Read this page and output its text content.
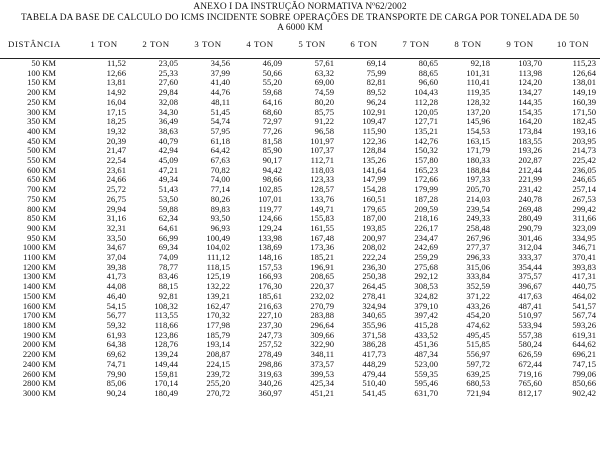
ANEXO I DA INSTRUÇÃO NORMATIVA Nº62/2002
TABELA DA BASE DE CALCULO DO ICMS INCIDENTE SOBRE OPERAÇÕES DE TRANSPORTE DE CARGA POR TONELADA DE 50
A 6000 KM
DISTÂNCIA	1 TON	2 TON	3 TON	4 TON	5 TON	6 TON	7 TON	8 TON	9 TON	10 TON

50 KM	11,52	23,05	34,56	46,09	57,61	69,14	80,65	92,18	103,70	115,23
100 KM	12,66	25,33	37,99	50,66	63,32	75,99	88,65	101,31	113,98	126,64
150 KM	13,81	27,60	41,40	55,20	69,00	82,81	96,60	110,41	124,20	138,01
200 KM	14,92	29,84	44,76	59,68	74,59	89,52	104,43	119,35	134,27	149,19
250 KM	16,04	32,08	48,11	64,16	80,20	96,24	112,28	128,32	144,35	160,39
300 KM	17,15	34,30	51,45	68,60	85,75	102,91	120,05	137,20	154,35	171,50
350 KM	18,25	36,49	54,74	72,97	91,22	109,47	127,71	145,96	164,20	182,45
400 KM	19,32	38,63	57,95	77,26	96,58	115,90	135,21	154,53	173,84	193,16
450 KM	20,39	40,79	61,18	81,58	101,97	122,36	142,76	163,15	183,55	203,95
500 KM	21,47	42,94	64,42	85,90	107,37	128,84	150,32	171,79	193,26	214,73
550 KM	22,54	45,09	67,63	90,17	112,71	135,26	157,80	180,33	202,87	225,42
600 KM	23,61	47,21	70,82	94,42	118,03	141,64	165,23	188,84	212,44	236,05
650 KM	24,66	49,34	74,00	98,66	123,33	147,99	172,66	197,33	221,99	246,65
700 KM	25,72	51,43	77,14	102,85	128,57	154,28	179,99	205,70	231,42	257,14
750 KM	26,75	53,50	80,26	107,01	133,76	160,51	187,28	214,03	240,78	267,53
800 KM	29,94	59,88	89,83	119,77	149,71	179,65	209,59	239,54	269,48	299,42
850 KM	31,16	62,34	93,50	124,66	155,83	187,00	218,16	249,33	280,49	311,66
900 KM	32,31	64,61	96,93	129,24	161,55	193,85	226,17	258,48	290,79	323,09
950 KM	33,50	66,99	100,49	133,98	167,48	200,97	234,47	267,96	301,46	334,95
1000 KM	34,67	69,34	104,02	138,69	173,36	208,02	242,69	277,37	312,04	346,71
1100 KM	37,04	74,09	111,12	148,16	185,21	222,24	259,29	296,33	333,37	370,41
1200 KM	39,38	78,77	118,15	157,53	196,91	236,30	275,68	315,06	354,44	393,83
1300 KM	41,73	83,46	125,19	166,93	208,65	250,38	292,12	333,84	375,57	417,31
1400 KM	44,08	88,15	132,22	176,30	220,37	264,45	308,53	352,59	396,67	440,75
1500 KM	46,40	92,81	139,21	185,61	232,02	278,41	324,82	371,22	417,63	464,02
1600 KM	54,15	108,32	162,47	216,63	270,79	324,94	379,10	433,26	487,41	541,57
1700 KM	56,77	113,55	170,32	227,10	283,88	340,65	397,42	454,20	510,97	567,74
1800 KM	59,32	118,66	177,98	237,30	296,64	355,96	415,28	474,62	533,94	593,26
1900 KM	61,93	123,86	185,79	247,73	309,66	371,58	433,52	495,45	557,38	619,31
2000 KM	64,38	128,76	193,14	257,52	322,90	386,28	451,36	515,85	580,24	644,62
2200 KM	69,62	139,24	208,87	278,49	348,11	417,73	487,34	556,97	626,59	696,21
2400 KM	74,71	149,44	224,15	298,86	373,57	448,29	523,00	597,72	672,44	747,15
2600 KM	79,90	159,81	239,72	319,63	399,53	479,44	559,35	639,25	719,16	799,06
2800 KM	85,06	170,14	255,20	340,26	425,34	510,40	595,46	680,53	765,60	850,66
3000 KM	90,24	180,49	270,72	360,97	451,21	541,45	631,70	721,94	812,17	902,42
